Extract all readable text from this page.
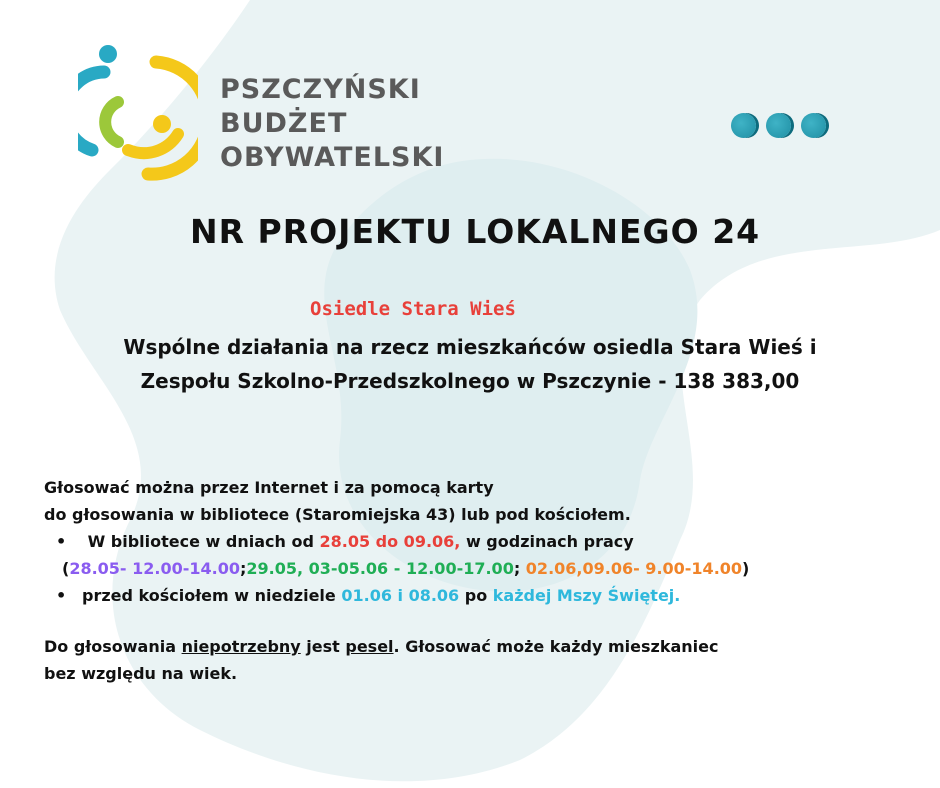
PSZCZYŃSKI
BUDŻET
OBYWATELSKI
NR PROJEKTU LOKALNEGO 24
Osiedle Stara Wieś
Wspólne działania na rzecz mieszkańców osiedla Stara Wieś i
Zespołu Szkolno-Przedszkolnego w Pszczynie - 138 383,00
Głosować można przez Internet i za pomocą karty
do głosowania w bibliotece (Staromiejska 43) lub pod kościołem.
• W bibliotece w dniach od 28.05 do 09.06, w godzinach pracy
(28.05- 12.00-14.00;29.05, 03-05.06 - 12.00-17.00; 02.06,09.06- 9.00-14.00)
• przed kościołem w niedziele 01.06 i 08.06 po każdej Mszy Świętej.
Do głosowania niepotrzebny jest pesel. Głosować może każdy mieszkaniec
bez względu na wiek.
